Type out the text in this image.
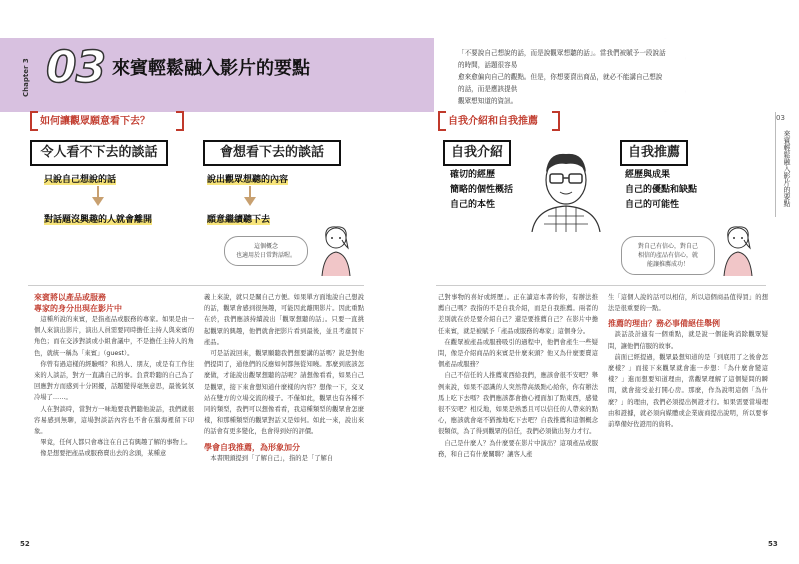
Chapter 3 03 來賓輕鬆融入影片的要點
「不要說自己想說的話，而是說觀眾想聽的話」。當我們被賦予一段說話的時間，話題很容易
愈來愈偏向自己的觀點。但是，你想要賣出商品，就必不能講自己想說的話，而是應該提供
觀眾想知道的資訊。
03
來賓輕鬆融入影片的要點
如何讓觀眾願意看下去？
令人看不下去的談話	會想看下去的談話
只說自己想說的話
對話題沒興趣的人就會離開
說出觀眾想聽的內容
願意繼續聽下去
這個概念
也適用於日常對話喔。
自我介紹和自我推薦
自我介紹	自我推薦
確切的經歷
簡略的個性概括
自己的本性
經歷與成果
自己的優點和缺點
自己的可能性
對自己有信心，對自己
相信的產品有信心，就
能讓推薦成功！
來賓將以產品或服務
專家的身分出現在影片中
　這種所說的來賓，是指產品或服務的專家。如果是由一個人來演出影片，演出人員需要同時擔任主持人與來賓的角色；而在交涉對談或小組會議中，不是擔任主持人的角色，就統一稱為「來賓」（guest）。
　你曾有過這樣的經驗嗎？和熟人、朋友，或是有工作往來的人談話，對方一直講自己的事。負責聆聽的自己為了回應對方而感到十分困擾，話題變得毫無意思，最後氣氛冷場了……。
　人在對談時，當對方一味地要我們聽他說話，我們就很容易感到無聊，這場對談話內容也不會在腦海裡留下印象。
　畢竟，任何人都只會專注在自己有興趣了解的事物上。
　像是想要把產品或服務賣出去的念頭，某種意
義上來說，就只是關自己方便。如果單方面地說自己想說的話，觀眾會感到很無趣，可能因此離開影片。因此重點在於，我們應該持續說出「觀眾想聽的話」。只要一直挑起觀眾的興趣，他們就會把影片看到最後，並且考慮買下產品。
　可是話說回來，觀眾願聽我們想要講的話嗎？說是對他們提問了，通他們的反應如何都無從知曉。那麼到底該怎麼做，才能說出觀眾想聽的話呢？請想像看看，如果自己是觀眾，接下來會想知道什麼樣的內容？想像一下，交叉站在雙方的立場交流的樣子。不僅如此，觀眾也有各種不同的類型，我們可以想像看看，我這種類型的觀眾會怎麼樣，和那種類型的觀眾對話又是如何。如此一來，說出來的話會有更多變化，也會得到好的評價。
學會自我推薦，為形象加分
　本書開頭提到「了解自己」，指的是「了解自
己對事物的喜好或經歷」。正在讀這本書的你，有辦法推薦自己嗎？我指的不是自我介紹，而是自我推薦。兩者的差別就在於是要介紹自己？還是要推薦自己？在影片中擔任來賓，就是被賦予「產品或服務的專家」這個身分。
　在觀眾被產品或服務吸引的過程中，他們會產生一些疑問，像是介紹商品的來賓是什麼來頭？他又為什麼要賣這個產品或服務？
　自己不信任的人推薦東西給我們，應該會很不安吧？舉例來說，如果不認識的人突然帶高級點心給你，你有辦法馬上吃下去嗎？我們應該都會擔心裡面加了點東西，感覺很不安吧？相反地，如果是熟悉且可以信任的人帶來的點心，應該就會毫不猶豫地吃下去吧？自我推薦和這個概念很類似，為了得到觀眾的信任，我們必須做出努力才行。
　自己是什麼人？為什麼要在影片中演出？這項產品或服務，和自己有什麼關聯？讓客人產
生「這個人說的話可以相信，所以這個商品值得買」的想法是很重要的一點。
推薦的理由？務必事備絕佳舉例
　談話設計適有一個重點，就是說一個能夠消除觀眾疑問，讓他們信服的故事。
　前面已經提過，觀眾最想知道的是「到底用了之後會怎麼樣？」而接下來觀眾就會進一步想：「為什麼會變這樣？」進而想要知道理由，當觀眾理解了這個疑問的瞬間，就會接受並打開心房。那麼，作為說明這個「為什麼？」的理由，我們必須提出例證才行。如果需要當場理由和證據，就必須向媒體或企業廣商提出說明，所以要事前準備好佐證用的資料。
52	53
